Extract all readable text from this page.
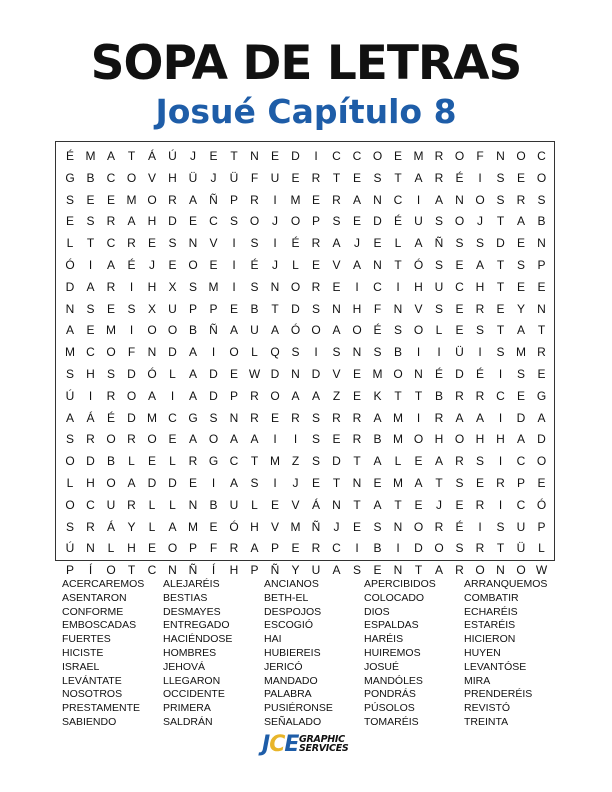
SOPA DE LETRAS
Josué Capítulo 8
É M A	T	Á	Ú	J	E	T	N	E	D	I	C C O E M R O	F	N O C
G B	C O V	H Ü	J	Ü	F	U	E	R	T	E	S	T	A	R	É	I	S	E O
S	E	E M O R	A	Ñ	P	R	I	M E	R	A	N C	I	A	N O S	R	S
E	S	R	A	H D	E	C	S O	J	O P	S	E	D	É	U	S O	J	T	A	B
L	T	C R	E	S	N	V	I	S	I	É	R	A	J	E	L	A	Ñ	S	S	D	E	N
Ó	I	A	É	J	E O E	I	É	J	L	E	V	A	N	T	Ó S	E	A	T	S	P
D	A	R	I	H	X	S M	I	S	N O R	E	I	C	I	H U C H	T	E	E
N	S	E	S	X	U	P	P	E	B	T	D	S	N H	F	N	V	S	E	R	E	Y	N
A	E M	I	O O B	Ñ	A	U	A Ó O A O É	S O	L	E	S	T	A	T
M C O	F	N D	A	I	O	L	Q S	I	S	N	S	B	I	I	Ü	I	S M R
S	H	S	D Ó	L	A	D	E W D N D	V	E M O N	É	D	É	I	S	E
Ú	I	R O A	I	A	D	P	R O A	A	Z	E	K	T	T	B	R R C	E G
A	Á	É	D M C G S	N R	E	R	S	R R	A M	I	R	A	A	I	D	A
S	R O R O E	A O A	A	I	I	S	E	R	B M O H O H H	A	D
O D	B	L	E	L	R G C	T M Z	S	D	T	A	L	E	A	R	S	I	C O
L	H O A	D D	E	I	A	S	I	J	E	T	N	E M A	T	S	E	R	P	E
O C U R	L	L	N	B	U	L	E	V	Á	N	T	A	T	E	J	E	R	I	C Ó
S	R	Á	Y	L	A M E Ó H	V M Ñ	J	E	S	N O R	É	I	S	U	P
Ú N	L	H	E O P	F	R	A	P	E	R C	I	B	I	D O S	R	T	Ü	L
P	Í	O	T	C N Ñ	Í	H	P	Ñ	Y	U	A	S	E	N	T	A	R O N O W
ACERCAREMOS
ASENTARON
CONFORME
EMBOSCADAS
FUERTES
HICISTE
ISRAEL
LEVÁNTATE
NOSOTROS
PRESTAMENTE
SABIENDO
ALEJARÉIS
BESTIAS
DESMAYES
ENTREGADO
HACIÉNDOSE
HOMBRES
JEHOVÁ
LLEGARON
OCCIDENTE
PRIMERA
SALDRÁN
ANCIANOS
BETH-EL
DESPOJOS
ESCOGIÓ
HAI
HUBIEREIS
JERICÓ
MANDADO
PALABRA
PUSIÉRONSE
SEÑALADO
APERCIBIDOS
COLOCADO
DIOS
ESPALDAS
HARÉIS
HUIREMOS
JOSUÉ
MANDÓLES
PONDRÁS
PÚSOLOS
TOMARÉIS
ARRANQUEMOS
COMBATIR
ECHARÉIS
ESTARÉIS
HICIERON
HUYEN
LEVANTÓSE
MIRA
PRENDERÉIS
REVISTÓ
TREINTA
JCE GRAPHIC
SERVICES
